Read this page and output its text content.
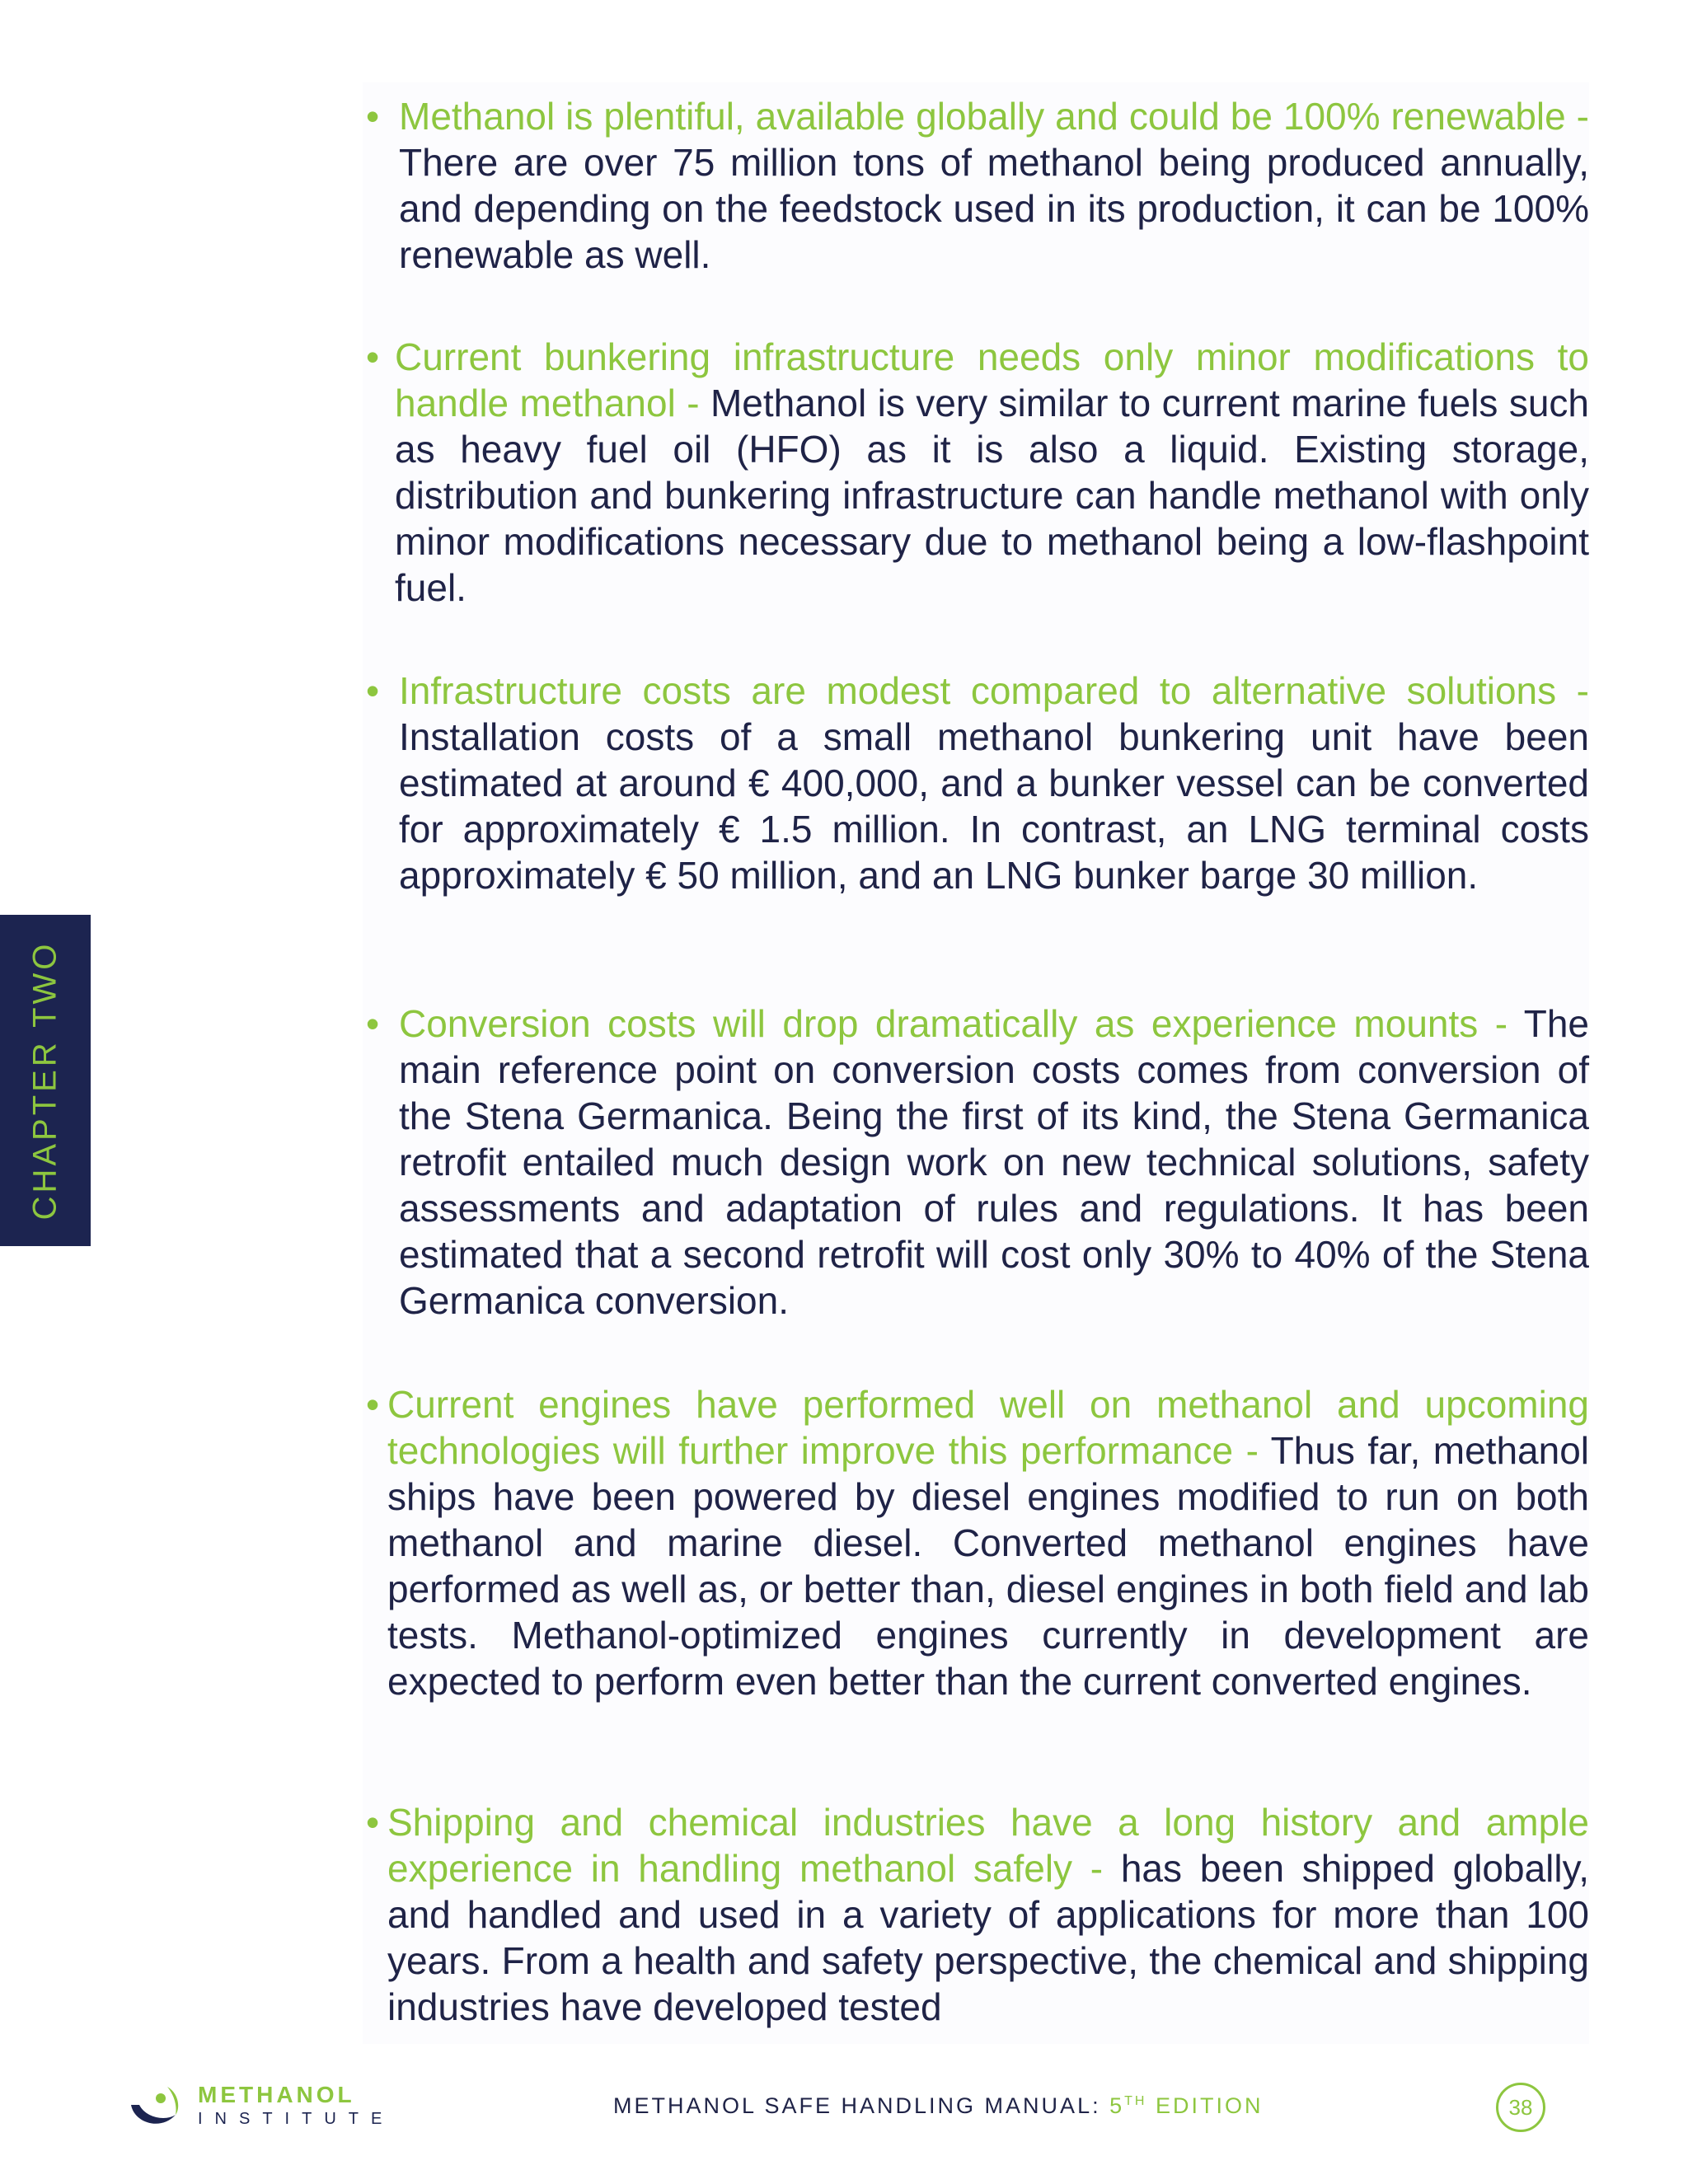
• Methanol is plentiful, available globally and could be 100% renewable - There are over 75 million tons of methanol being produced annually, and depending on the feedstock used in its production, it can be 100% renewable as well.
• Current bunkering infrastructure needs only minor modifications to handle methanol - Methanol is very similar to current marine fuels such as heavy fuel oil (HFO) as it is also a liquid. Existing storage, distribution and bunkering infrastructure can handle methanol with only minor modifications necessary due to methanol being a low-flashpoint fuel.
• Infrastructure costs are modest compared to alternative solutions - Installation costs of a small methanol bunkering unit have been estimated at around € 400,000, and a bunker vessel can be converted for approximately € 1.5 million. In contrast, an LNG terminal costs approximately € 50 million, and an LNG bunker barge 30 million.
• Conversion costs will drop dramatically as experience mounts - The main reference point on conversion costs comes from conversion of the Stena Germanica. Being the first of its kind, the Stena Germanica retrofit entailed much design work on new technical solutions, safety assessments and adaptation of rules and regulations. It has been estimated that a second retrofit will cost only 30% to 40% of the Stena Germanica conversion.
• Current engines have performed well on methanol and upcoming technologies will further improve this performance - Thus far, methanol ships have been powered by diesel engines modified to run on both methanol and marine diesel. Converted methanol engines have performed as well as, or better than, diesel engines in both field and lab tests. Methanol-optimized engines currently in development are expected to perform even better than the current converted engines.
• Shipping and chemical industries have a long history and ample experience in handling methanol safely - has been shipped globally, and handled and used in a variety of applications for more than 100 years. From a health and safety perspective, the chemical and shipping industries have developed tested
CHAPTER TWO
METHANOL
INSTITUTE
METHANOL SAFE HANDLING MANUAL: 5TH EDITION	38
